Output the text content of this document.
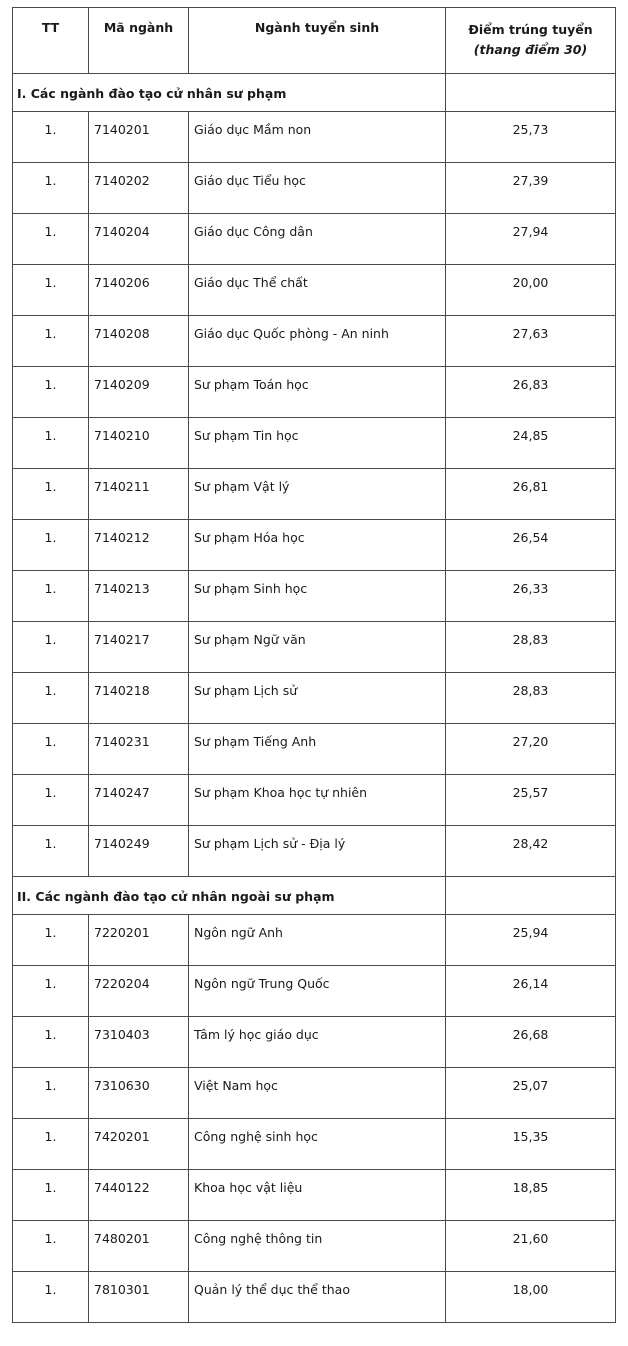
TT	Mã ngành	Ngành tuyển sinh	Điểm trúng tuyển
(thang điểm 30)

I. Các ngành đào tạo cử nhân sư phạm			
1.	7140201	Giáo dục Mầm non	25,73
1.	7140202	Giáo dục Tiểu học	27,39
1.	7140204	Giáo dục Công dân	27,94
1.	7140206	Giáo dục Thể chất	20,00
1.	7140208	Giáo dục Quốc phòng - An ninh	27,63
1.	7140209	Sư phạm Toán học	26,83
1.	7140210	Sư phạm Tin học	24,85
1.	7140211	Sư phạm Vật lý	26,81
1.	7140212	Sư phạm Hóa học	26,54
1.	7140213	Sư phạm Sinh học	26,33
1.	7140217	Sư phạm Ngữ văn	28,83
1.	7140218	Sư phạm Lịch sử	28,83
1.	7140231	Sư phạm Tiếng Anh	27,20
1.	7140247	Sư phạm Khoa học tự nhiên	25,57
1.	7140249	Sư phạm Lịch sử - Địa lý	28,42
II. Các ngành đào tạo cử nhân ngoài sư phạm			
1.	7220201	Ngôn ngữ Anh	25,94
1.	7220204	Ngôn ngữ Trung Quốc	26,14
1.	7310403	Tâm lý học giáo dục	26,68
1.	7310630	Việt Nam học	25,07
1.	7420201	Công nghệ sinh học	15,35
1.	7440122	Khoa học vật liệu	18,85
1.	7480201	Công nghệ thông tin	21,60
1.	7810301	Quản lý thể dục thể thao	18,00
